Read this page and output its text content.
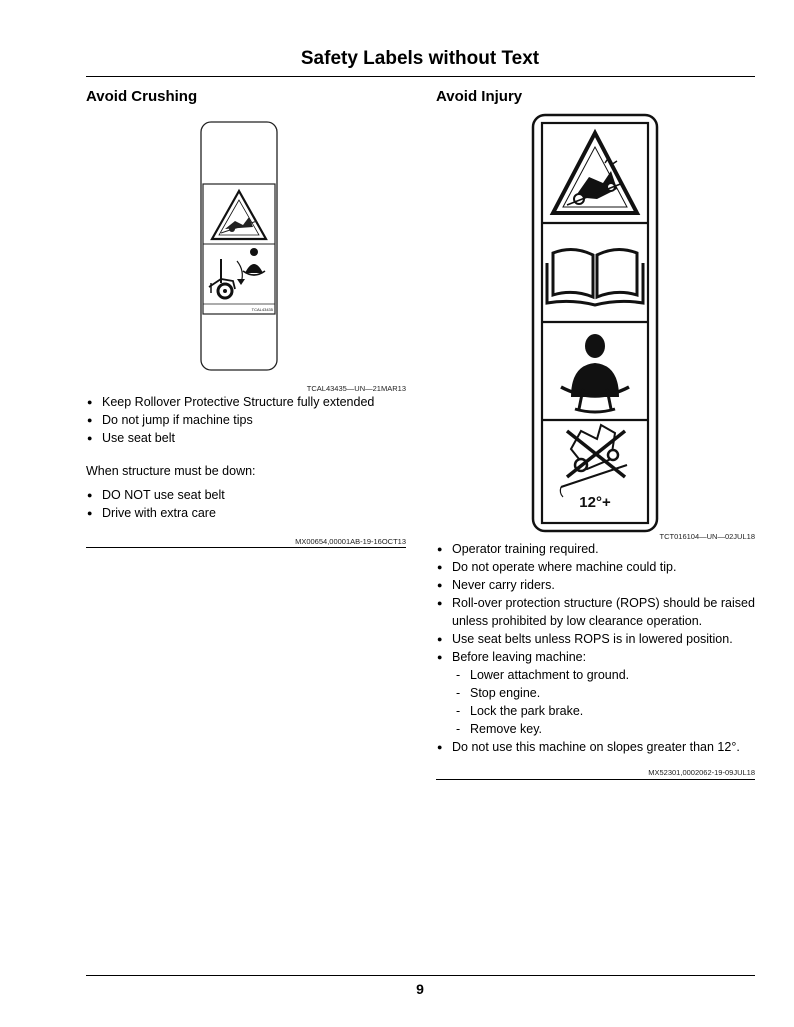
Safety Labels without Text
Avoid Crushing
TCAL43435
TCAL43435—UN—21MAR13
● Keep Rollover Protective Structure fully extended
● Do not jump if machine tips
● Use seat belt
When structure must be down:
● DO NOT use seat belt
● Drive with extra care
MX00654,00001AB-19-16OCT13
Avoid Injury
12°+
TCT016104—UN—02JUL18
● Operator training required.
● Do not operate where machine could tip.
● Never carry riders.
● Roll-over protection structure (ROPS) should be raised unless prohibited by low clearance operation.
● Use seat belts unless ROPS is in lowered position.
● Before leaving machine:
- Lower attachment to ground.
- Stop engine.
- Lock the park brake.
- Remove key.
● Do not use this machine on slopes greater than 12°.
MX52301,0002062-19-09JUL18
9
